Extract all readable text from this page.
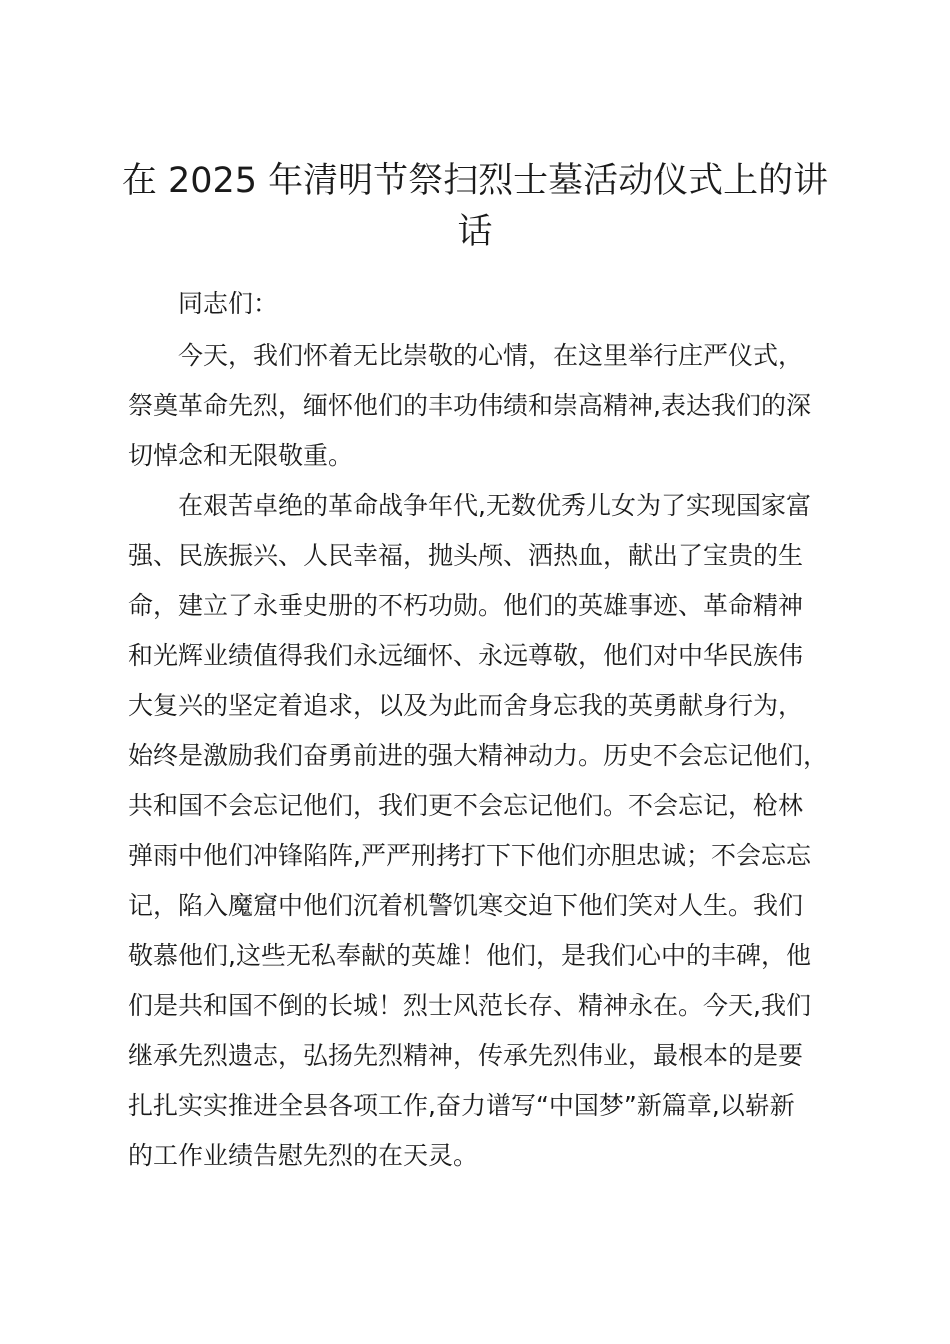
在 2025 年清明节祭扫烈士墓活动仪式上的讲
话
同志们：
今天，我们怀着无比崇敬的心情，在这里举行庄严仪式，
祭奠革命先烈，缅怀他们的丰功伟绩和崇高精神,表达我们的深
切悼念和无限敬重。
在艰苦卓绝的革命战争年代,无数优秀儿女为了实现国家富
强、民族振兴、人民幸福，抛头颅、洒热血，献出了宝贵的生
命，建立了永垂史册的不朽功勋。他们的英雄事迹、革命精神
和光辉业绩值得我们永远缅怀、永远尊敬，他们对中华民族伟
大复兴的坚定着追求，以及为此而舍身忘我的英勇献身行为，
始终是激励我们奋勇前进的强大精神动力。历史不会忘记他们，
共和国不会忘记他们，我们更不会忘记他们。不会忘记，枪林
弹雨中他们冲锋陷阵,严严刑拷打下下他们亦胆忠诚；不会忘忘
记，陷入魔窟中他们沉着机警饥寒交迫下他们笑对人生。我们
敬慕他们,这些无私奉献的英雄！他们，是我们心中的丰碑，他
们是共和国不倒的长城！烈士风范长存、精神永在。今天,我们
继承先烈遗志，弘扬先烈精神，传承先烈伟业，最根本的是要
扎扎实实推进全县各项工作,奋力谱写“中国梦”新篇章,以崭新
的工作业绩告慰先烈的在天灵。
